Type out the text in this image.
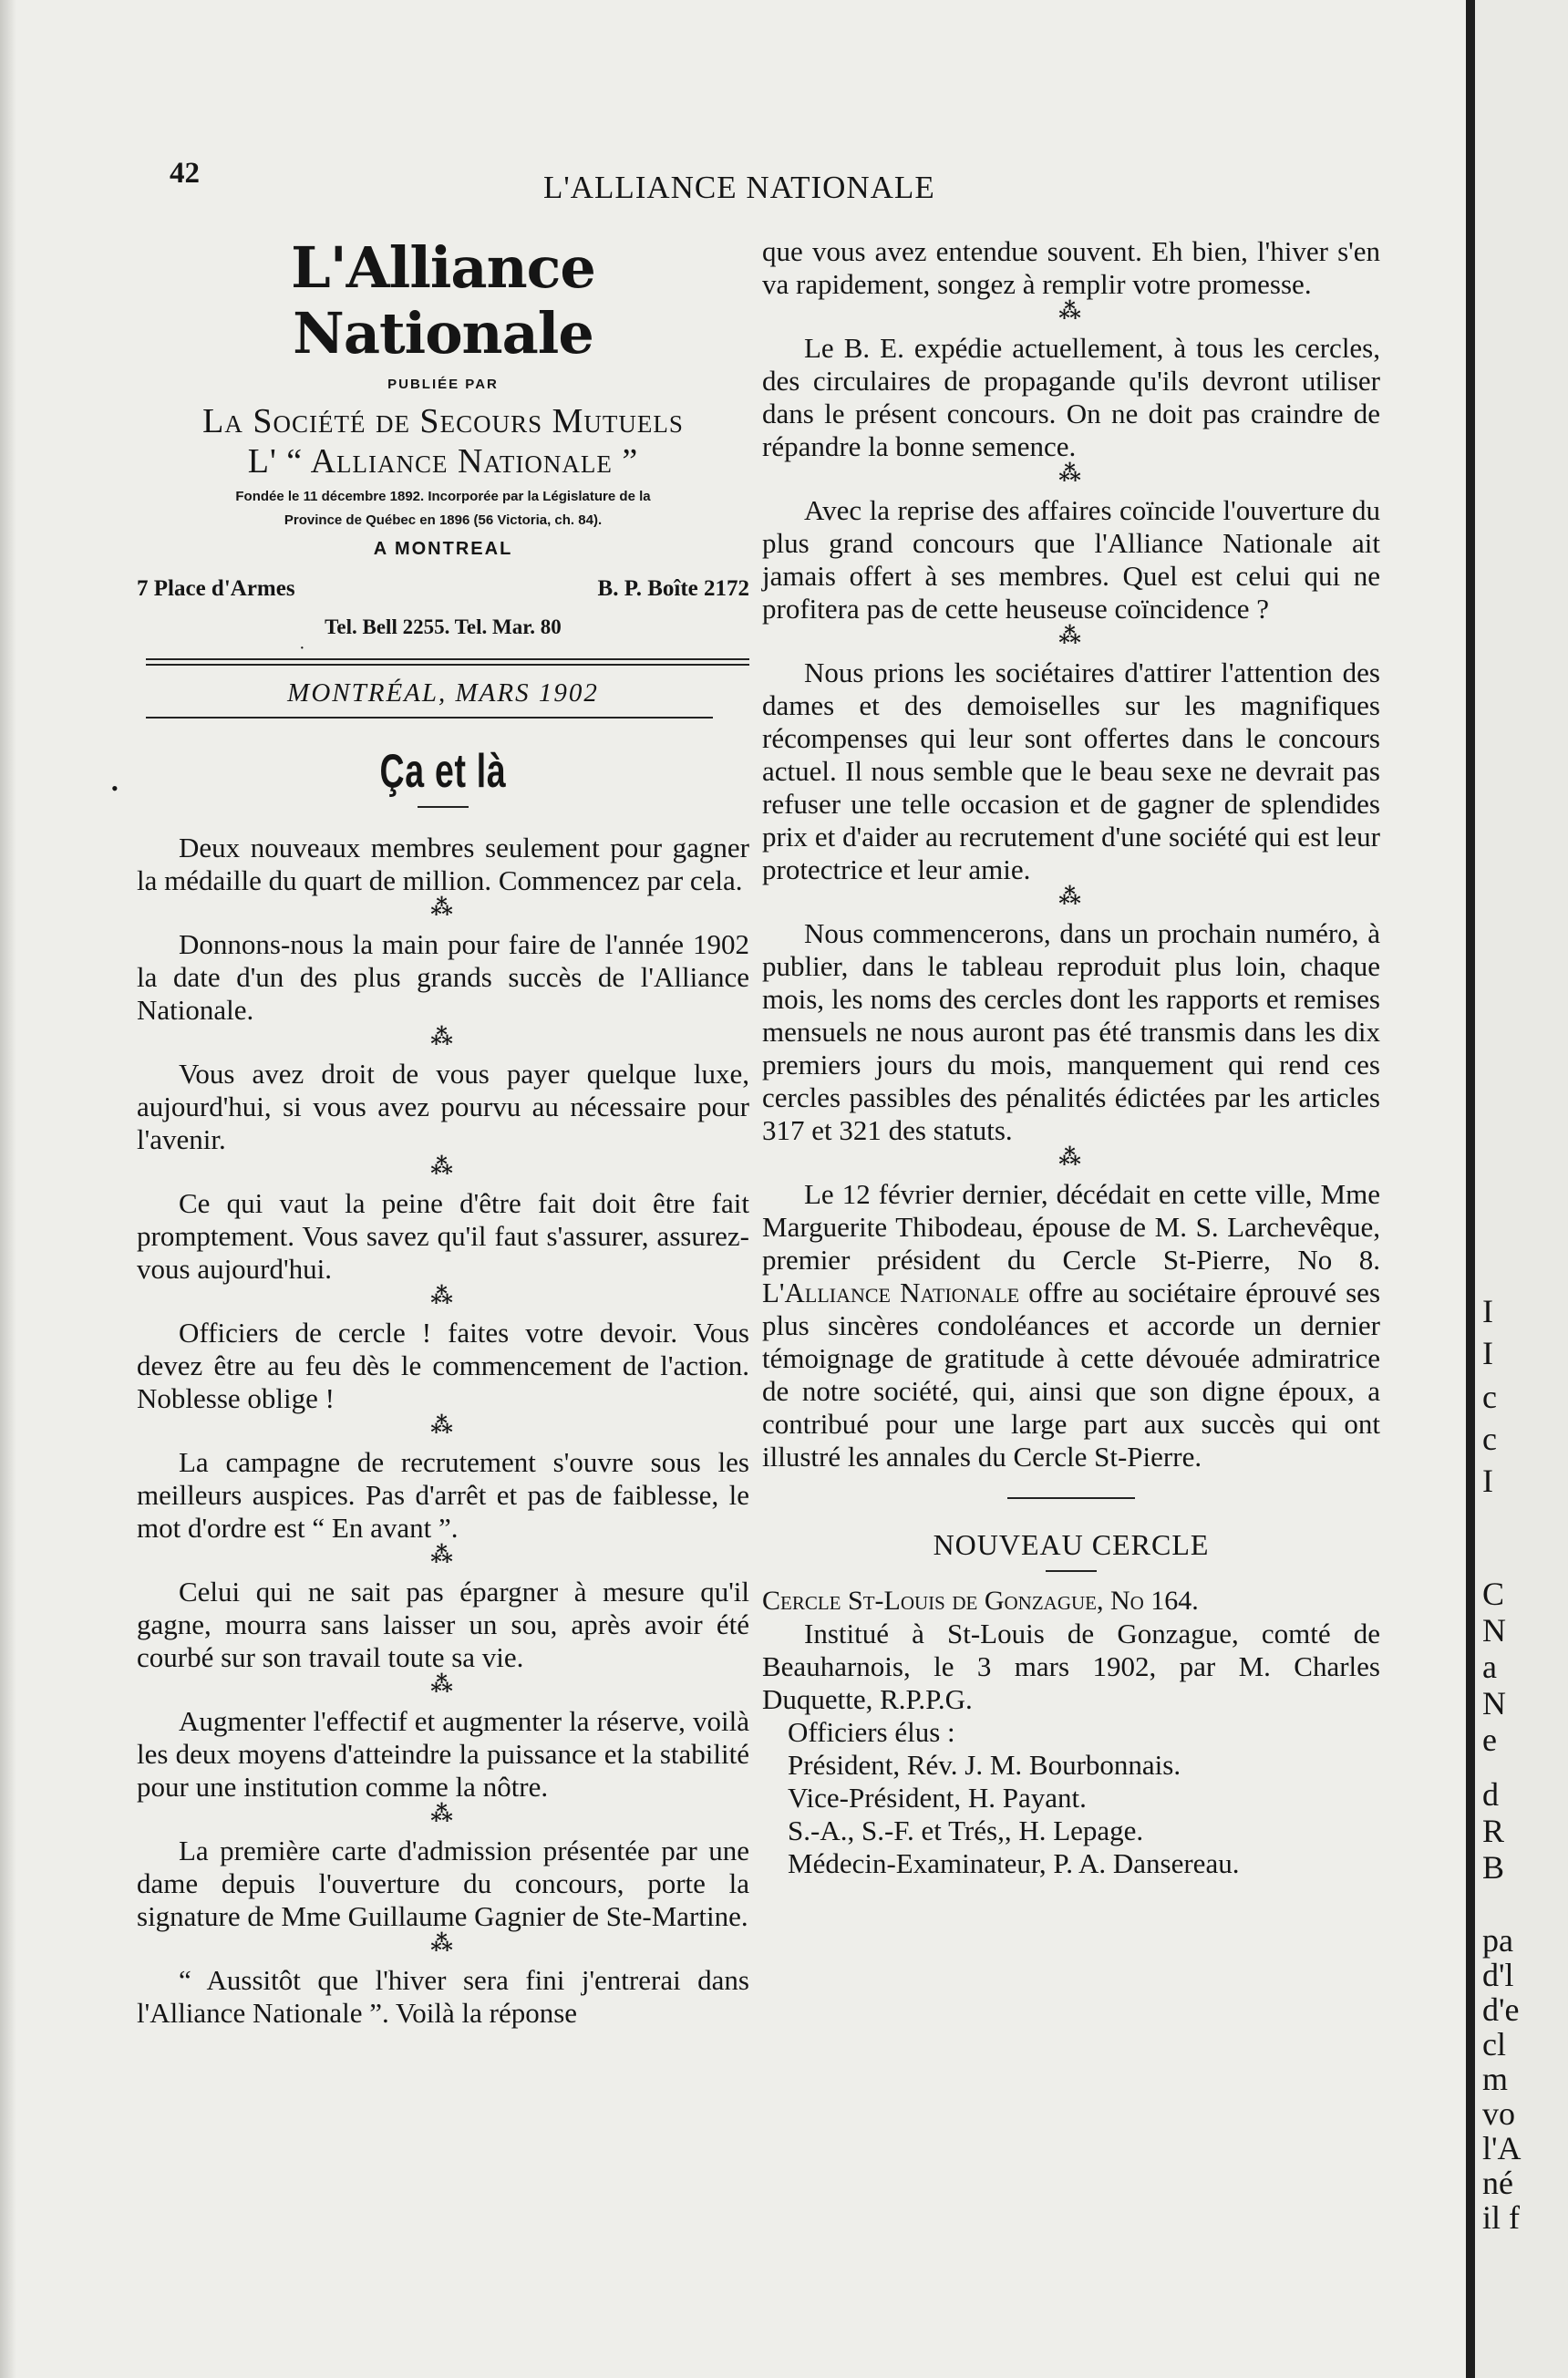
42	L'ALLIANCE NATIONALE
·
•
L'Alliance Nationale
PUBLIÉE PAR
La Société de Secours Mutuels
L' “ Alliance Nationale ”
Fondée le 11 décembre 1892. Incorporée par la Législature de la
Province de Québec en 1896 (56 Victoria, ch. 84).
A MONTREAL
7 Place d'Armes	B. P. Boîte 2172
Tel. Bell 2255. Tel. Mar. 80
MONTRÉAL, MARS 1902
Ça et là

Deux nouveaux membres seulement pour gagner la médaille du quart de million. Commencez par cela.

⁂

Donnons-nous la main pour faire de l'année 1902 la date d'un des plus grands succès de l'Alliance Nationale.

⁂

Vous avez droit de vous payer quelque luxe, aujourd'hui, si vous avez pourvu au nécessaire pour l'avenir.

⁂

Ce qui vaut la peine d'être fait doit être fait promptement. Vous savez qu'il faut s'assurer, assurez-vous aujourd'hui.

⁂

Officiers de cercle ! faites votre devoir. Vous devez être au feu dès le commencement de l'action. Noblesse oblige !

⁂

La campagne de recrutement s'ouvre sous les meilleurs auspices. Pas d'arrêt et pas de faiblesse, le mot d'ordre est “ En avant ”.

⁂

Celui qui ne sait pas épargner à mesure qu'il gagne, mourra sans laisser un sou, après avoir été courbé sur son travail toute sa vie.

⁂

Augmenter l'effectif et augmenter la réserve, voilà les deux moyens d'atteindre la puissance et la stabilité pour une institution comme la nôtre.

⁂

La première carte d'admission présentée par une dame depuis l'ouverture du concours, porte la signature de Mme Guillaume Gagnier de Ste-Martine.

⁂

“ Aussitôt que l'hiver sera fini j'entrerai dans l'Alliance Nationale ”. Voilà la réponse

que vous avez entendue souvent. Eh bien, l'hiver s'en va rapidement, songez à remplir votre promesse.

⁂

Le B. E. expédie actuellement, à tous les cercles, des circulaires de propagande qu'ils devront utiliser dans le présent concours. On ne doit pas craindre de répandre la bonne semence.

⁂

Avec la reprise des affaires coïncide l'ouverture du plus grand concours que l'Alliance Nationale ait jamais offert à ses membres. Quel est celui qui ne profitera pas de cette heuseuse coïncidence ?

⁂

Nous prions les sociétaires d'attirer l'attention des dames et des demoiselles sur les magnifiques récompenses qui leur sont offertes dans le concours actuel. Il nous semble que le beau sexe ne devrait pas refuser une telle occasion et de gagner de splendides prix et d'aider au recrutement d'une société qui est leur protectrice et leur amie.

⁂

Nous commencerons, dans un prochain numéro, à publier, dans le tableau reproduit plus loin, chaque mois, les noms des cercles dont les rapports et remises mensuels ne nous auront pas été transmis dans les dix premiers jours du mois, manquement qui rend ces cercles passibles des pénalités édictées par les articles 317 et 321 des statuts.

⁂

Le 12 février dernier, décédait en cette ville, Mme Marguerite Thibodeau, épouse de M. S. Larchevêque, premier président du Cercle St-Pierre, No 8. L'Alliance Nationale offre au sociétaire éprouvé ses plus sincères condoléances et accorde un dernier témoignage de gratitude à cette dévouée admiratrice de notre société, qui, ainsi que son digne époux, a contribué pour une large part aux succès qui ont illustré les annales du Cercle St-Pierre.

NOUVEAU CERCLE
Cercle St-Louis de Gonzague, No 164.

Institué à St-Louis de Gonzague, comté de Beauharnois, le 3 mars 1902, par M. Charles Duquette, R.P.P.G.

Officiers élus :

Président, Rév. J. M. Bourbonnais.

Vice-Président, H. Payant.

S.-A., S.-F. et Trés,, H. Lepage.

Médecin-Examinateur, P. A. Dansereau.

I
I
c
c
I
C
N
a
N
e
d
R
B
pa
d'l
d'e
cl
m
vo
l'A
né
il f
